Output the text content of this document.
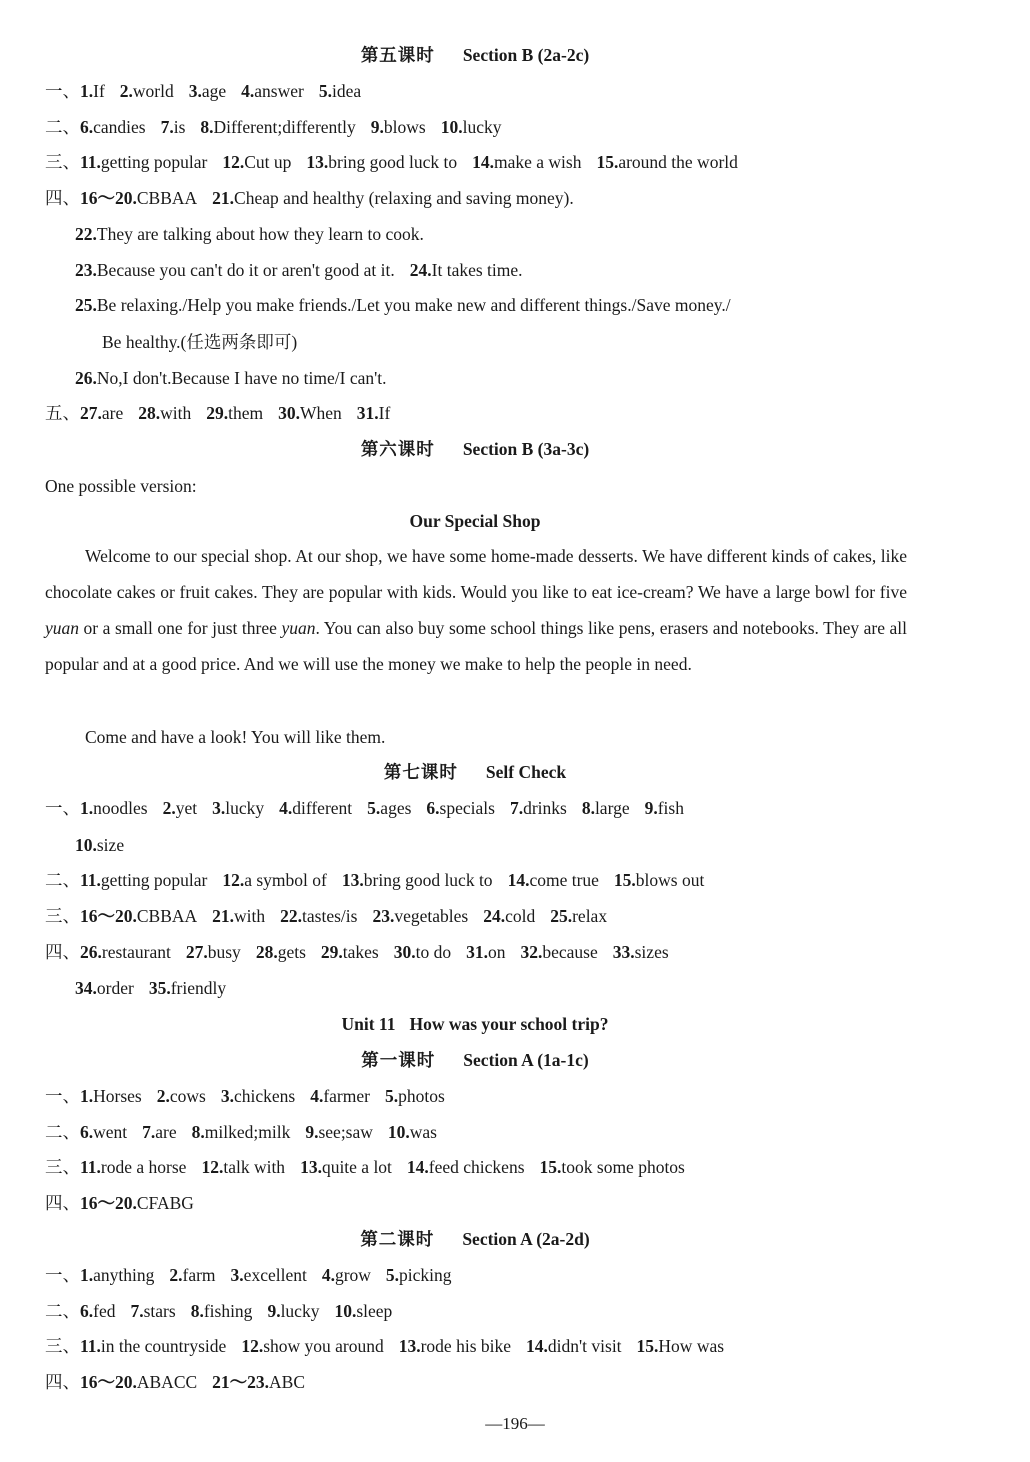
第五课时 Section B (2a-2c)
一、1.If 2.world 3.age 4.answer 5.idea
二、6.candies 7.is 8.Different;differently 9.blows 10.lucky
三、11.getting popular 12.Cut up 13.bring good luck to 14.make a wish 15.around the world
四、16～20.CBBAA 21.Cheap and healthy (relaxing and saving money).
22.They are talking about how they learn to cook.
23.Because you can't do it or aren't good at it. 24.It takes time.
25.Be relaxing./Help you make friends./Let you make new and different things./Save money./
Be healthy.(任选两条即可)
26.No,I don't.Because I have no time/I can't.
五、27.are 28.with 29.them 30.When 31.If
第六课时 Section B (3a-3c)
One possible version:
Our Special Shop
Welcome to our special shop. At our shop, we have some home-made desserts. We have different kinds of cakes, like chocolate cakes or fruit cakes. They are popular with kids. Would you like to eat ice-cream? We have a large bowl for five yuan or a small one for just three yuan. You can also buy some school things like pens, erasers and notebooks. They are all popular and at a good price. And we will use the money we make to help the people in need.
Come and have a look! You will like them.
第七课时 Self Check
一、1.noodles 2.yet 3.lucky 4.different 5.ages 6.specials 7.drinks 8.large 9.fish
10.size
二、11.getting popular 12.a symbol of 13.bring good luck to 14.come true 15.blows out
三、16～20.CBBAA 21.with 22.tastes/is 23.vegetables 24.cold 25.relax
四、26.restaurant 27.busy 28.gets 29.takes 30.to do 31.on 32.because 33.sizes
34.order 35.friendly
Unit 11 How was your school trip?
第一课时 Section A (1a-1c)
一、1.Horses 2.cows 3.chickens 4.farmer 5.photos
二、6.went 7.are 8.milked;milk 9.see;saw 10.was
三、11.rode a horse 12.talk with 13.quite a lot 14.feed chickens 15.took some photos
四、16～20.CFABG
第二课时 Section A (2a-2d)
一、1.anything 2.farm 3.excellent 4.grow 5.picking
二、6.fed 7.stars 8.fishing 9.lucky 10.sleep
三、11.in the countryside 12.show you around 13.rode his bike 14.didn't visit 15.How was
四、16～20.ABACC 21～23.ABC
—196—
